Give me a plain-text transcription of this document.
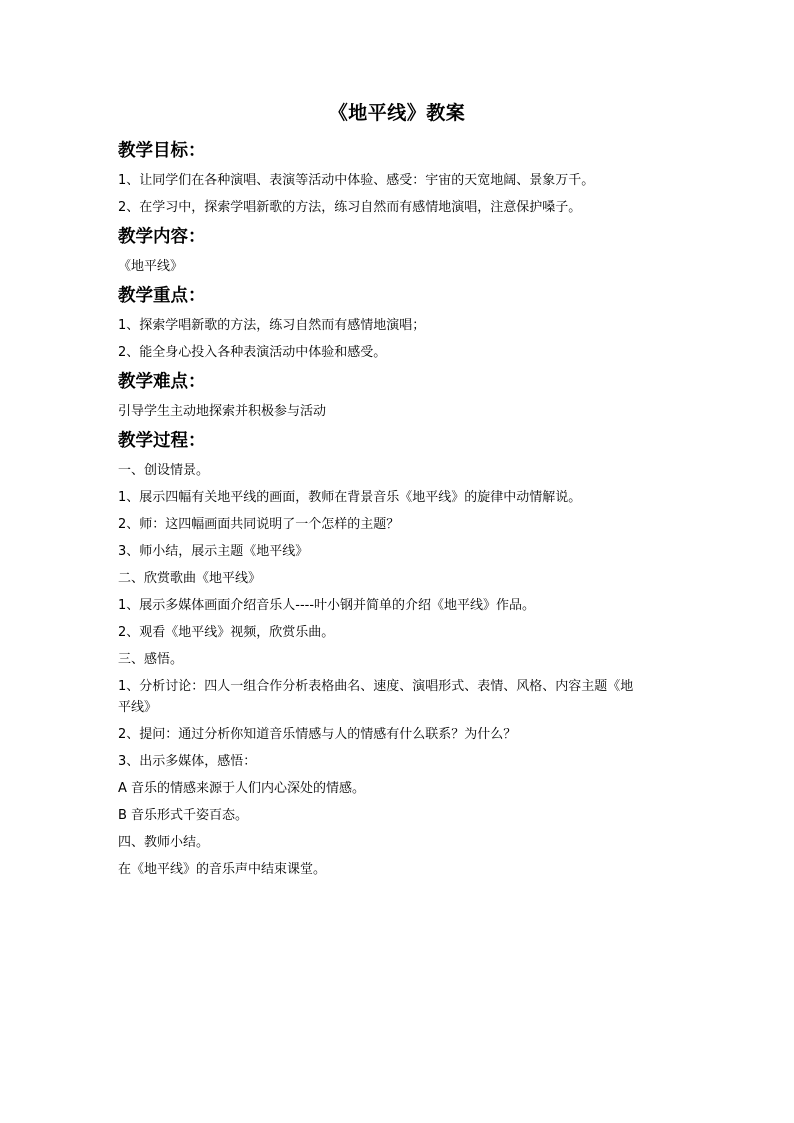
《地平线》教案
教学目标：
1、让同学们在各种演唱、表演等活动中体验、感受：宇宙的天宽地阔、景象万千。
2、在学习中，探索学唱新歌的方法，练习自然而有感情地演唱，注意保护嗓子。
教学内容：
《地平线》
教学重点：
1、探索学唱新歌的方法，练习自然而有感情地演唱；
2、能全身心投入各种表演活动中体验和感受。
教学难点：
引导学生主动地探索并积极参与活动
教学过程：
一、创设情景。
1、展示四幅有关地平线的画面，教师在背景音乐《地平线》的旋律中动情解说。
2、师：这四幅画面共同说明了一个怎样的主题？
3、师小结，展示主题《地平线》
二、欣赏歌曲《地平线》
1、展示多媒体画面介绍音乐人----叶小钢并简单的介绍《地平线》作品。
2、观看《地平线》视频，欣赏乐曲。
三、感悟。
1、分析讨论：四人一组合作分析表格曲名、速度、演唱形式、表情、风格、内容主题《地
平线》
2、提问：通过分析你知道音乐情感与人的情感有什么联系？为什么？
3、出示多媒体，感悟：
A 音乐的情感来源于人们内心深处的情感。
B 音乐形式千姿百态。
四、教师小结。
在《地平线》的音乐声中结束课堂。
